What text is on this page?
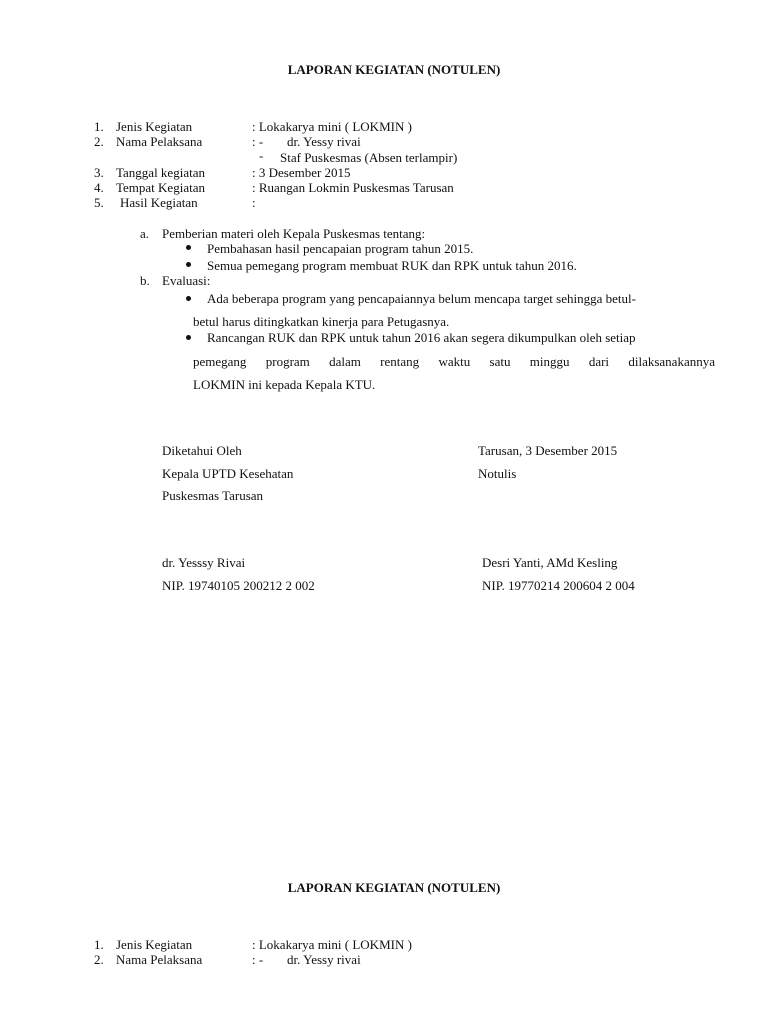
LAPORAN KEGIATAN (NOTULEN)
1. Jenis Kegiatan	: Lokakarya mini ( LOKMIN )
2. Nama Pelaksana	: - dr. Yessy rivai
- Staf Puskesmas (Absen terlampir)
3. Tanggal kegiatan	: 3 Desember 2015
4. Tempat Kegiatan	: Ruangan Lokmin Puskesmas Tarusan
5. Hasil Kegiatan	:
a. Pemberian materi oleh Kepala Puskesmas tentang:
Pembahasan hasil pencapaian program tahun 2015.
Semua pemegang program membuat RUK dan RPK untuk tahun 2016.
b. Evaluasi:
Ada beberapa program yang pencapaiannya belum mencapa target sehingga betul-
betul harus ditingkatkan kinerja para Petugasnya.
Rancangan RUK dan RPK untuk tahun 2016 akan segera dikumpulkan oleh setiap
pemegang program dalam rentang waktu satu minggu dari dilaksanakannya
LOKMIN ini kepada Kepala KTU.
Diketahui Oleh
Kepala UPTD Kesehatan
Puskesmas Tarusan
dr. Yesssy Rivai
NIP. 19740105 200212 2 002
Tarusan, 3 Desember 2015
Notulis
Desri Yanti, AMd Kesling
NIP. 19770214 200604 2 004
LAPORAN KEGIATAN (NOTULEN)
1. Jenis Kegiatan	: Lokakarya mini ( LOKMIN )
2. Nama Pelaksana	: - dr. Yessy rivai
